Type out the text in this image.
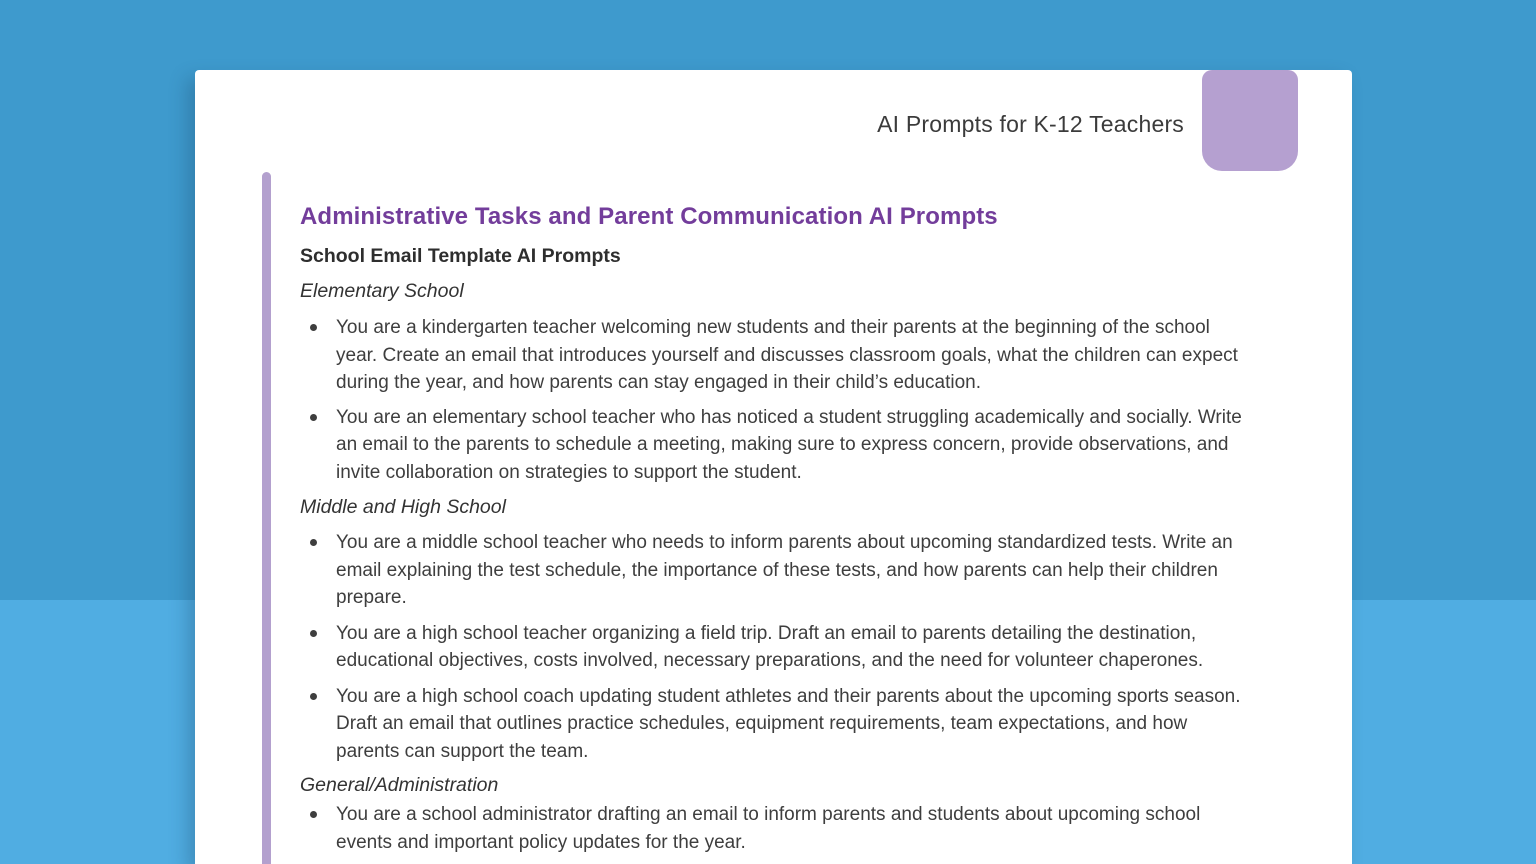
AI Prompts for K-12 Teachers
Administrative Tasks and Parent Communication AI Prompts
School Email Template AI Prompts
Elementary School
You are a kindergarten teacher welcoming new students and their parents at the beginning of the school year. Create an email that introduces yourself and discusses classroom goals, what the children can expect during the year, and how parents can stay engaged in their child’s education.
You are an elementary school teacher who has noticed a student struggling academically and socially. Write an email to the parents to schedule a meeting, making sure to express concern, provide observations, and invite collaboration on strategies to support the student.
Middle and High School
You are a middle school teacher who needs to inform parents about upcoming standardized tests. Write an email explaining the test schedule, the importance of these tests, and how parents can help their children prepare.
You are a high school teacher organizing a field trip. Draft an email to parents detailing the destination, educational objectives, costs involved, necessary preparations, and the need for volunteer chaperones.
You are a high school coach updating student athletes and their parents about the upcoming sports season. Draft an email that outlines practice schedules, equipment requirements, team expectations, and how parents can support the team.
General/Administration
You are a school administrator drafting an email to inform parents and students about upcoming school events and important policy updates for the year.
